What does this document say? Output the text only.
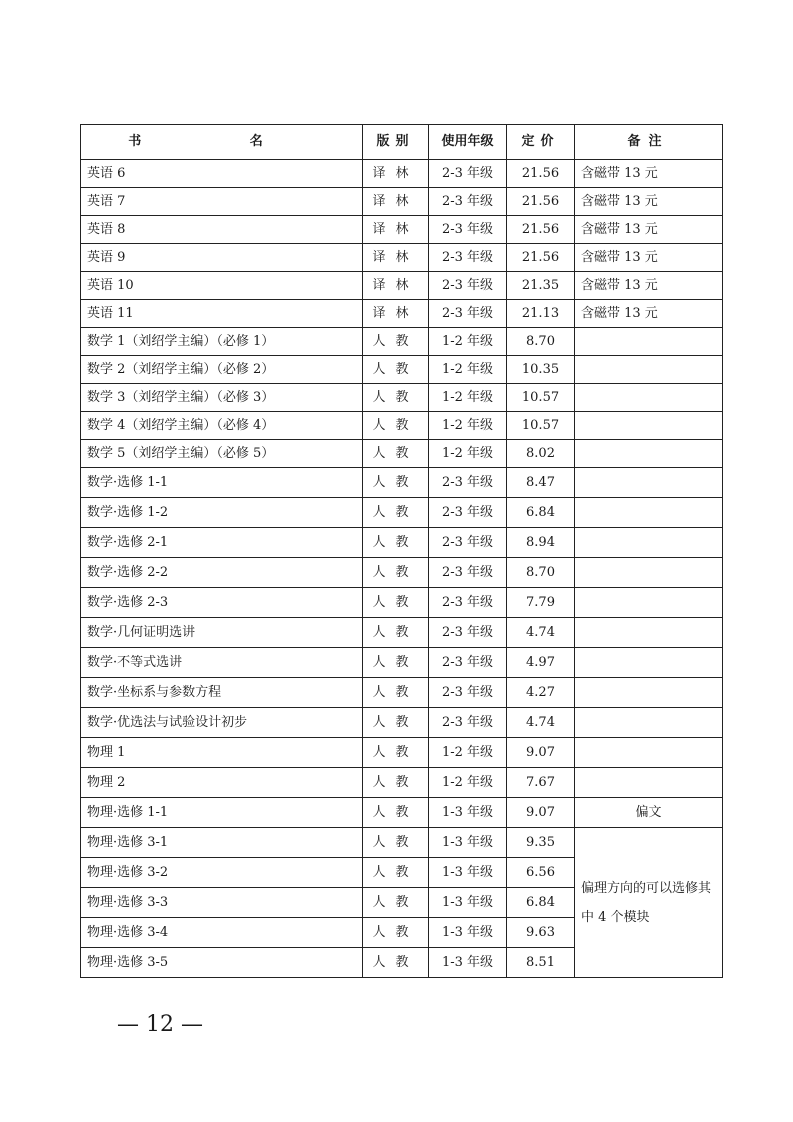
书 名	版别	使用年级	定价	备注
英语 6	译林	2-3 年级	21.56	含磁带 13 元
英语 7	译林	2-3 年级	21.56	含磁带 13 元
英语 8	译林	2-3 年级	21.56	含磁带 13 元
英语 9	译林	2-3 年级	21.56	含磁带 13 元
英语 10	译林	2-3 年级	21.35	含磁带 13 元
英语 11	译林	2-3 年级	21.13	含磁带 13 元
数学 1（刘绍学主编）（必修 1）	人教	1-2 年级	8.70	
数学 2（刘绍学主编）（必修 2）	人教	1-2 年级	10.35	
数学 3（刘绍学主编）（必修 3）	人教	1-2 年级	10.57	
数学 4（刘绍学主编）（必修 4）	人教	1-2 年级	10.57	
数学 5（刘绍学主编）（必修 5）	人教	1-2 年级	8.02	
数学·选修 1-1	人教	2-3 年级	8.47	
数学·选修 1-2	人教	2-3 年级	6.84	
数学·选修 2-1	人教	2-3 年级	8.94	
数学·选修 2-2	人教	2-3 年级	8.70	
数学·选修 2-3	人教	2-3 年级	7.79	
数学·几何证明选讲	人教	2-3 年级	4.74	
数学·不等式选讲	人教	2-3 年级	4.97	
数学·坐标系与参数方程	人教	2-3 年级	4.27	
数学·优选法与试验设计初步	人教	2-3 年级	4.74	
物理 1	人教	1-2 年级	9.07	
物理 2	人教	1-2 年级	7.67	
物理·选修 1-1	人教	1-3 年级	9.07	偏文
物理·选修 3-1	人教	1-3 年级	9.35	偏理方向的可以选修其中 4 个模块
物理·选修 3-2	人教	1-3 年级	6.56	
物理·选修 3-3	人教	1-3 年级	6.84	
物理·选修 3-4	人教	1-3 年级	9.63	
物理·选修 3-5	人教	1-3 年级	8.51	
— 12 —
